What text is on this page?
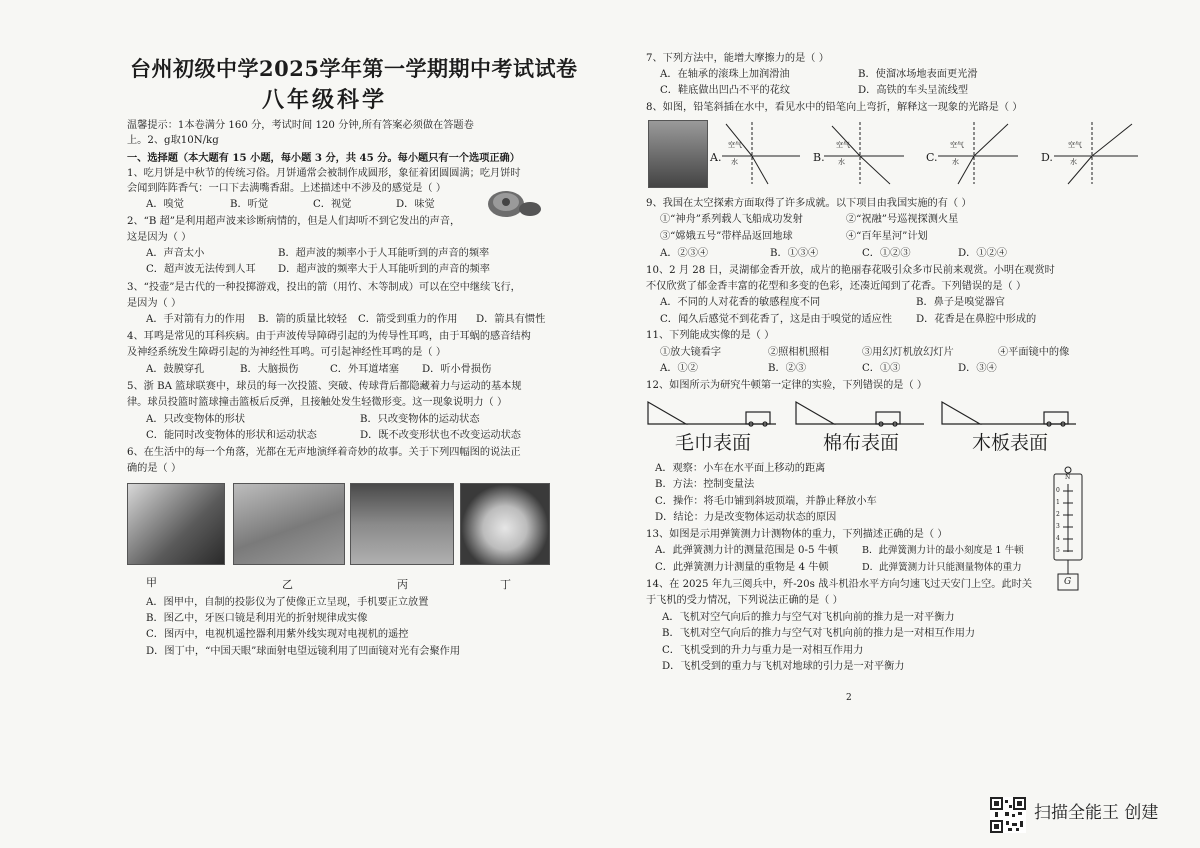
台州初级中学2025学年第一学期期中考试试卷
八年级科学
温馨提示：1本卷满分 160 分，考试时间 120 分钟,所有答案必须做在答题卷
上。2、g取10N/kg
一、选择题（本大题有 15 小题，每小题 3 分，共 45 分。每小题只有一个选项正确）
1、吃月饼是中秋节的传统习俗。月饼通常会被制作成圆形，象征着团圆圆满；吃月饼时
会闻到阵阵香气：一口下去满嘴香甜。上述描述中不涉及的感觉是（ ）
A．嗅觉	B．听觉	C．视觉	D．味觉
2、“B 超”是利用超声波来诊断病情的，但是人们却听不到它发出的声音，
这是因为（ ）
A．声音太小	B．超声波的频率小于人耳能听到的声音的频率
C．超声波无法传到人耳 D．超声波的频率大于人耳能听到的声音的频率
3、“投壶”是古代的一种投掷游戏，投出的箭（用竹、木等制成）可以在空中继续飞行，
是因为（ ）
A．手对箭有力的作用 B．箭的质量比较轻 C．箭受到重力的作用 D．箭具有惯性
4、耳鸣是常见的耳科疾病。由于声波传导障碍引起的为传导性耳鸣，由于耳蜗的感音结构
及神经系统发生障碍引起的为神经性耳鸣。可引起神经性耳鸣的是（ ）
A．鼓膜穿孔	B．大脑损伤	C．外耳道堵塞 D．听小骨损伤
5、浙 BA 篮球联赛中，球员的每一次投篮、突破、传球背后都隐藏着力与运动的基本规
律。球员投篮时篮球撞击篮板后反弹，且接触处发生轻微形变。这一现象说明力（ ）
A．只改变物体的形状	B．只改变物体的运动状态
C．能同时改变物体的形状和运动状态	D．既不改变形状也不改变运动状态
6、在生活中的每一个角落，光都在无声地演绎着奇妙的故事。关于下列四幅图的说法正
确的是（ ）
甲	乙	丙	丁
A．图甲中，自制的投影仪为了使像正立呈现，手机要正立放置
B．图乙中，牙医口镜是利用光的折射规律成实像
C．图丙中，电视机遥控器利用紫外线实现对电视机的遥控
D．图丁中，“中国天眼”球面射电望远镜利用了凹面镜对光有会聚作用
7、下列方法中，能增大摩擦力的是（ ）
A．在轴承的滚珠上加润滑油	B．使溜冰场地表面更光滑
C．鞋底做出凹凸不平的花纹	D．高铁的车头呈流线型
8、如图，铅笔斜插在水中，看见水中的铅笔向上弯折，解释这一现象的光路是（ ）
A.	B.	C.	D.
空气
水
空气
水
空气
水
空气
水
9、我国在太空探索方面取得了许多成就。以下项目由我国实施的有（ ）
①“神舟”系列载人飞船成功发射	②“祝融”号巡视探测火星
③“嫦娥五号”带样品返回地球	④“百年星河”计划
A．②③④	B．①③④	C．①②③	D．①②④
10、2 月 28 日，灵湖郁金香开放，成片的艳丽春花吸引众多市民前来观赏。小明在观赏时
不仅欣赏了郁金香丰富的花型和多变的色彩，还凑近闻到了花香。下列错误的是（ ）
A．不同的人对花香的敏感程度不同	B．鼻子是嗅觉器官
C．闻久后感觉不到花香了，这是由于嗅觉的适应性 D．花香是在鼻腔中形成的
11、下列能成实像的是（ ）
①放大镜看字	②照相机照相	③用幻灯机放幻灯片	④平面镜中的像
A．①②	B．②③	C．①③	D．③④
12、如图所示为研究牛顿第一定律的实验，下列错误的是（ ）
毛巾表面	棉布表面	木板表面
A．观察：小车在水平面上移动的距离
B．方法：控制变量法
C．操作：将毛巾铺到斜坡顶端，并静止释放小车
D．结论：力是改变物体运动状态的原因
N
0
1
2
3
4
5
G
13、如图是示用弹簧测力计测物体的重力，下列描述正确的是（ ）
A．此弹簧测力计的测量范围是 0-5 牛顿	B．此弹簧测力计的最小刻度是 1 牛顿
C．此弹簧测力计测量的重物是 4 牛顿	D．此弹簧测力计只能测量物体的重力
14、在 2025 年九三阅兵中，歼-20s 战斗机沿水平方向匀速飞过天安门上空。此时关
于飞机的受力情况，下列说法正确的是（ ）
A．飞机对空气向后的推力与空气对飞机向前的推力是一对平衡力
B．飞机对空气向后的推力与空气对飞机向前的推力是一对相互作用力
C．飞机受到的升力与重力是一对相互作用力
D．飞机受到的重力与飞机对地球的引力是一对平衡力
2
扫描全能王 创建
